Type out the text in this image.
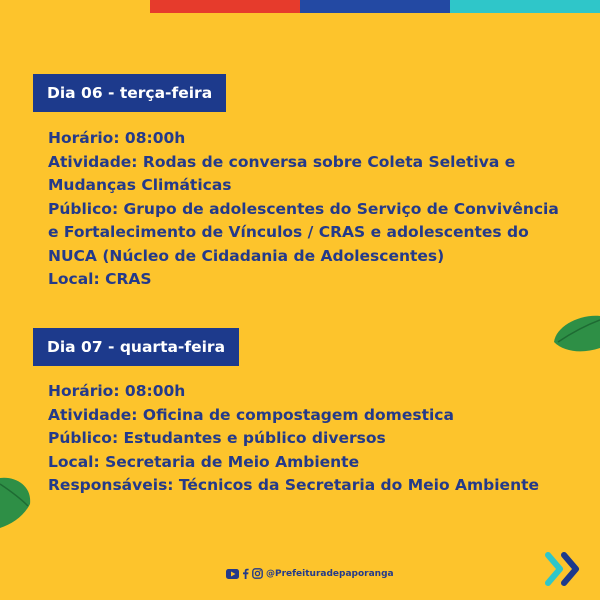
Dia 06 - terça-feira
Horário: 08:00h
Atividade: Rodas de conversa sobre Coleta Seletiva e
Mudanças Climáticas
Público: Grupo de adolescentes do Serviço de Convivência
e Fortalecimento de Vínculos / CRAS e adolescentes do
NUCA (Núcleo de Cidadania de Adolescentes)
Local: CRAS
Dia 07 - quarta-feira
Horário: 08:00h
Atividade: Oficina de compostagem domestica
Público: Estudantes e público diversos
Local: Secretaria de Meio Ambiente
Responsáveis: Técnicos da Secretaria do Meio Ambiente
@Prefeituradepaporanga
